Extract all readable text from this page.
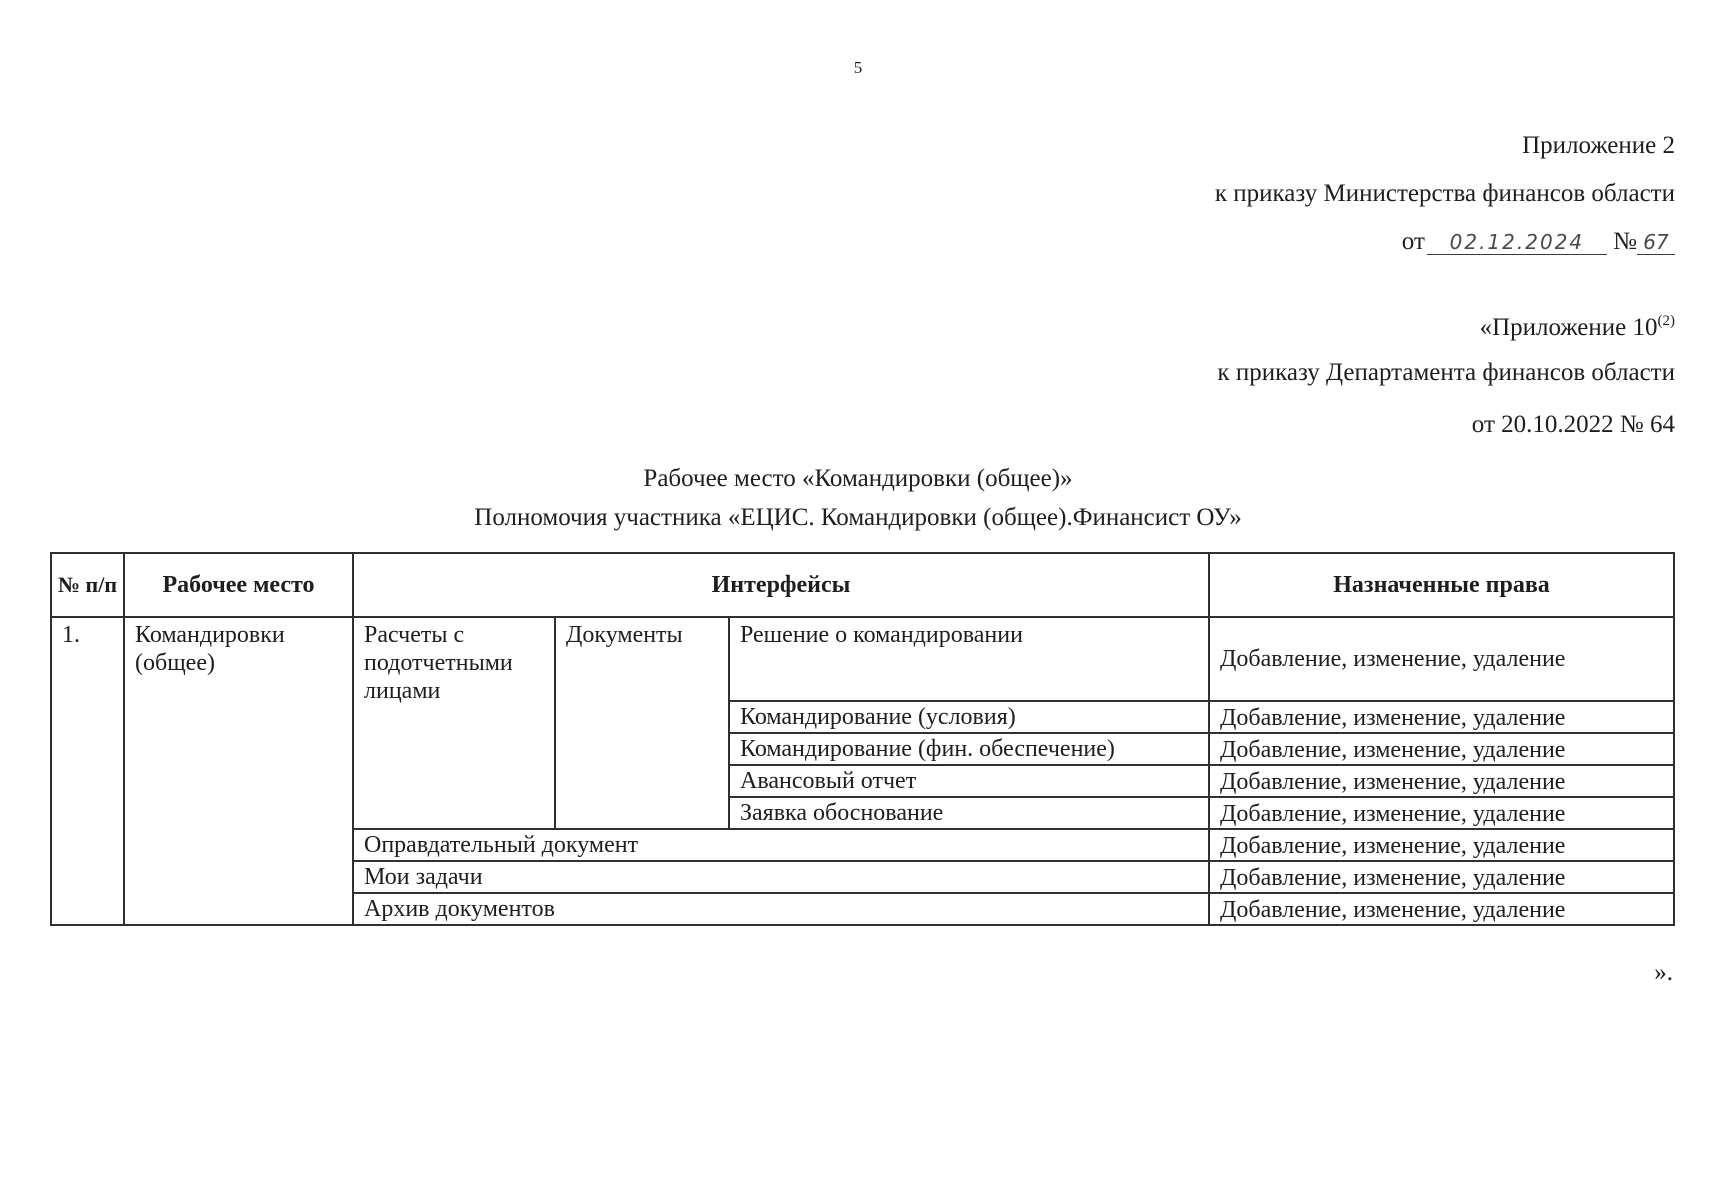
5
Приложение 2
к приказу Министерства финансов области
от 02.12.2024 № 67
«Приложение 10$^{(2)}$
к приказу Департамента финансов области
от 20.10.2022 № 64
Рабочее место «Командировки (общее)»
Полномочия участника «ЕЦИС. Командировки (общее).Финансист ОУ»
№ п/п	Рабочее место	Интерфейсы			Назначенные права
1.	Командировки (общее)	Расчеты с подотчетными лицами	Документы	Решение о командировании	Добавление, изменение, удаление
				Командирование (условия)	Добавление, изменение, удаление
				Командирование (фин. обеспечение)	Добавление, изменение, удаление
				Авансовый отчет	Добавление, изменение, удаление
				Заявка обоснование	Добавление, изменение, удаление
		Оправдательный документ			Добавление, изменение, удаление
		Мои задачи			Добавление, изменение, удаление
		Архив документов			Добавление, изменение, удаление
».
